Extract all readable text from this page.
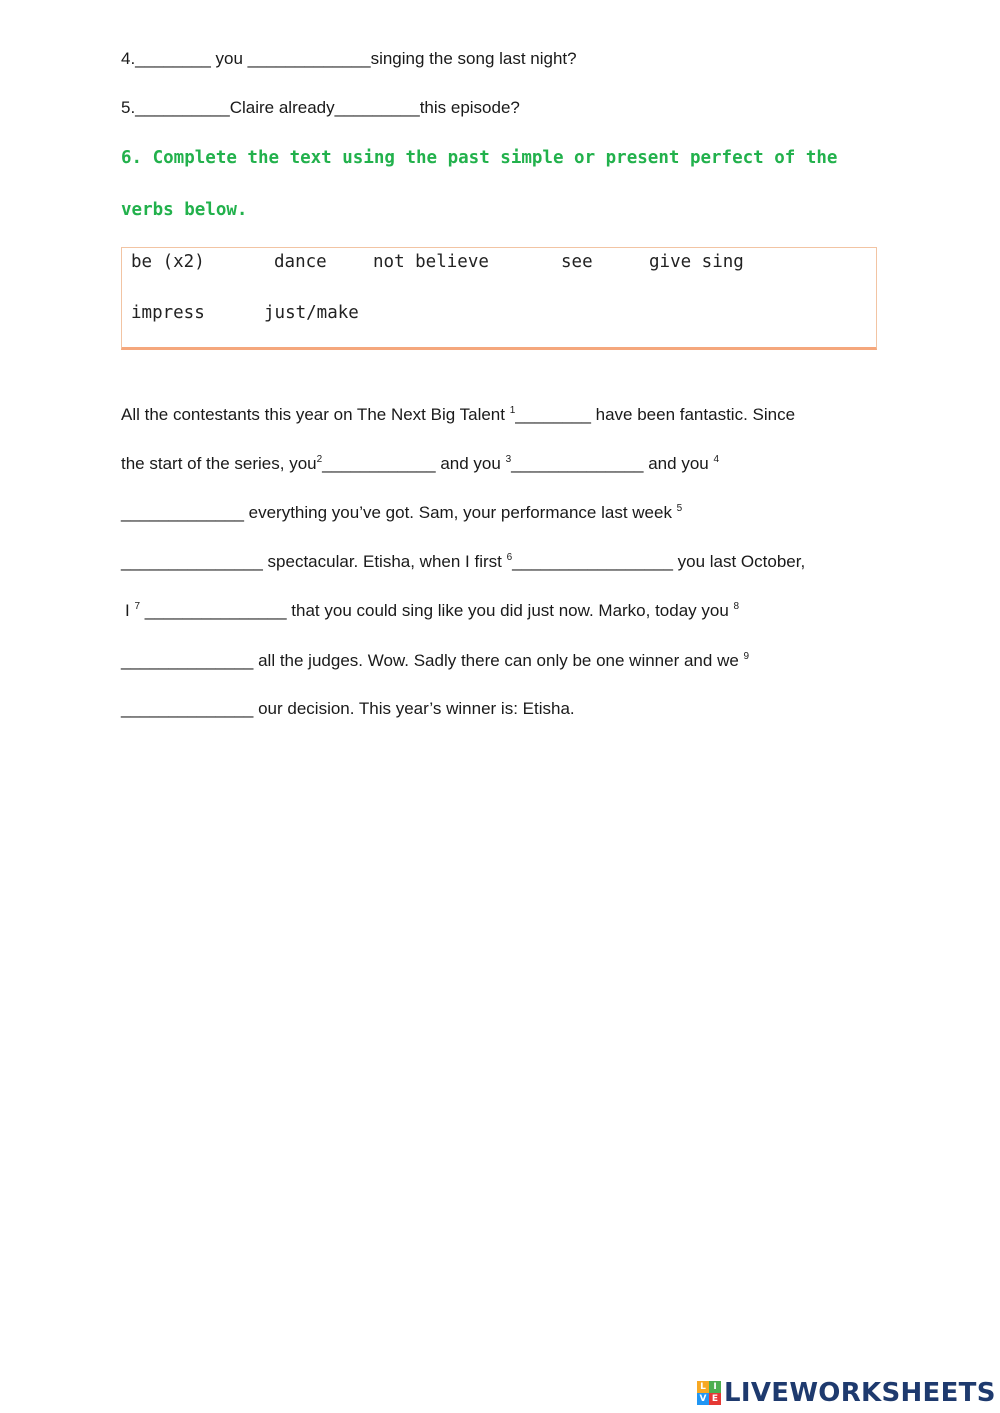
4.________ you _____________singing the song last night?
5.__________Claire already_________this episode?
6. Complete the text using the past simple or present perfect of the
verbs below.
be (x2)	dance	not believe	see	give sing
impress	just/make
All the contestants this year on The Next Big Talent $^1$________ have been fantastic. Since
the start of the series, you$^2$____________ and you $^3$______________ and you $^4$
_____________ everything you’ve got. Sam, your performance last week $^5$
_______________ spectacular. Etisha, when I first $^6$_________________ you last October,
I $^7$ _______________ that you could sing like you did just now. Marko, today you $^8$
______________ all the judges. Wow. Sadly there can only be one winner and we $^9$
______________ our decision. This year’s winner is: Etisha.
L I
V E LIVEWORKSHEETS
